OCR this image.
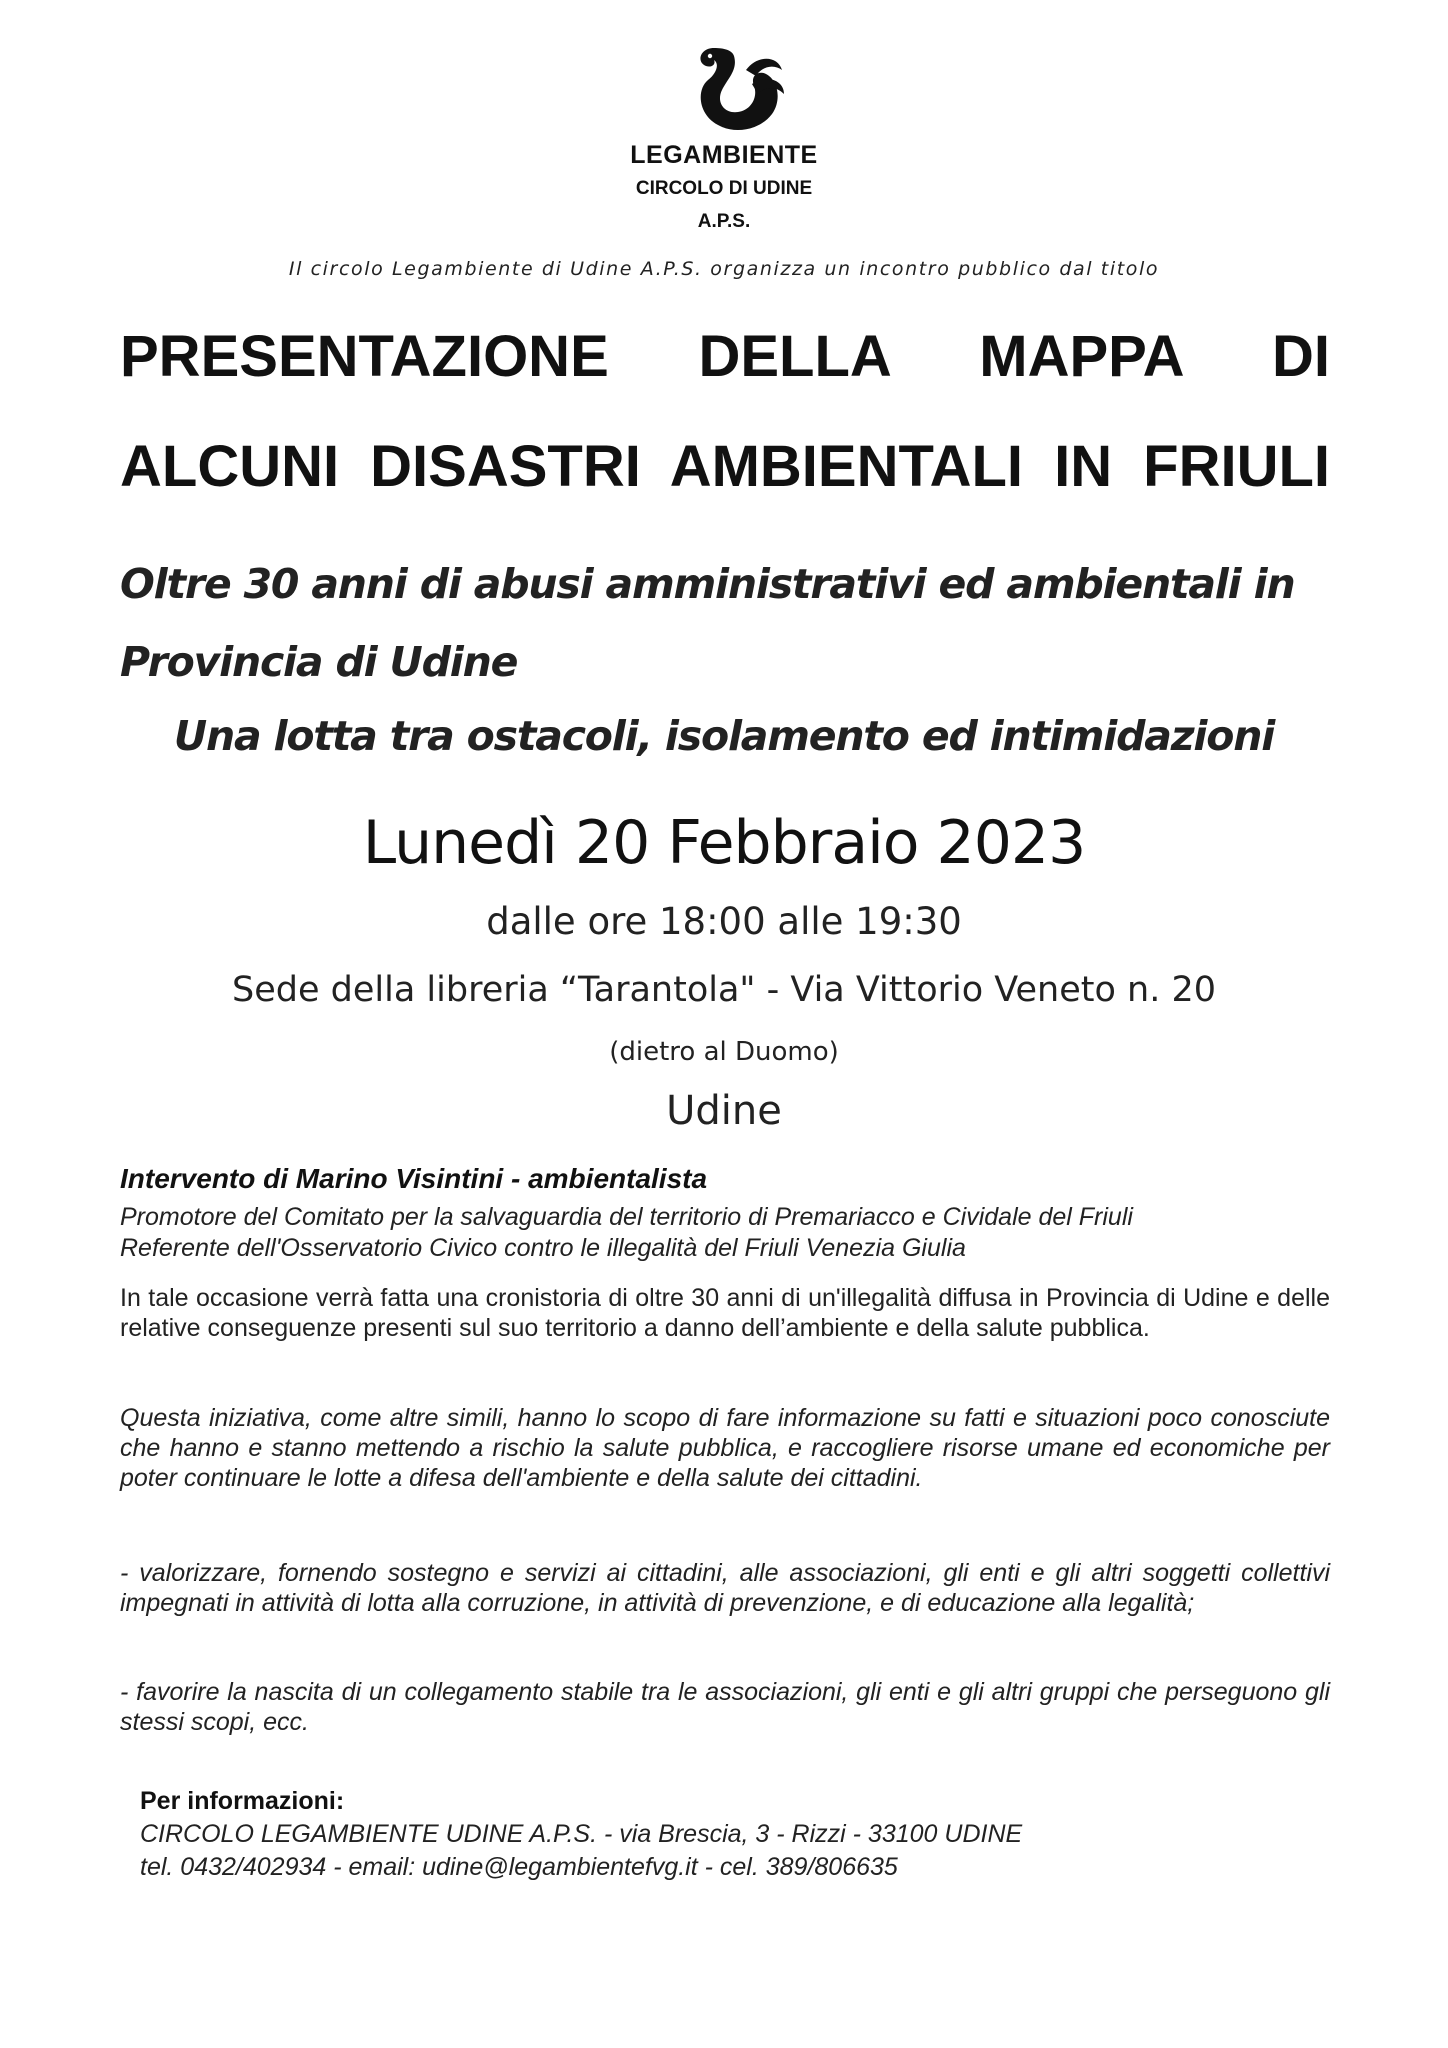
LEGAMBIENTE
CIRCOLO DI UDINE
A.P.S.
Il circolo Legambiente di Udine A.P.S. organizza un incontro pubblico dal titolo
PRESENTAZIONE DELLA MAPPA DI
ALCUNI DISASTRI AMBIENTALI IN FRIULI
Oltre 30 anni di abusi amministrativi ed ambientali in Provincia di Udine
Una lotta tra ostacoli, isolamento ed intimidazioni
Lunedì 20 Febbraio 2023
dalle ore 18:00 alle 19:30
Sede della libreria “Tarantola" - Via Vittorio Veneto n. 20
(dietro al Duomo)
Udine
Intervento di Marino Visintini - ambientalista
Promotore del Comitato per la salvaguardia del territorio di Premariacco e Cividale del Friuli
Referente dell'Osservatorio Civico contro le illegalità del Friuli Venezia Giulia
In tale occasione verrà fatta una cronistoria di oltre 30 anni di un'illegalità diffusa in Provincia di Udine e delle relative conseguenze presenti sul suo territorio a danno dell’ambiente e della salute pubblica.
Questa iniziativa, come altre simili, hanno lo scopo di fare informazione su fatti e situazioni poco conosciute che hanno e stanno mettendo a rischio la salute pubblica, e raccogliere risorse umane ed economiche per poter continuare le lotte a difesa dell'ambiente e della salute dei cittadini.
- valorizzare, fornendo sostegno e servizi ai cittadini, alle associazioni, gli enti e gli altri soggetti collettivi impegnati in attività di lotta alla corruzione, in attività di prevenzione, e di educazione alla legalità;
- favorire la nascita di un collegamento stabile tra le associazioni, gli enti e gli altri gruppi che perseguono gli stessi scopi, ecc.
Per informazioni:
CIRCOLO LEGAMBIENTE UDINE A.P.S. - via Brescia, 3 - Rizzi - 33100 UDINE
tel. 0432/402934 - email: udine@legambientefvg.it - cel. 389/806635
